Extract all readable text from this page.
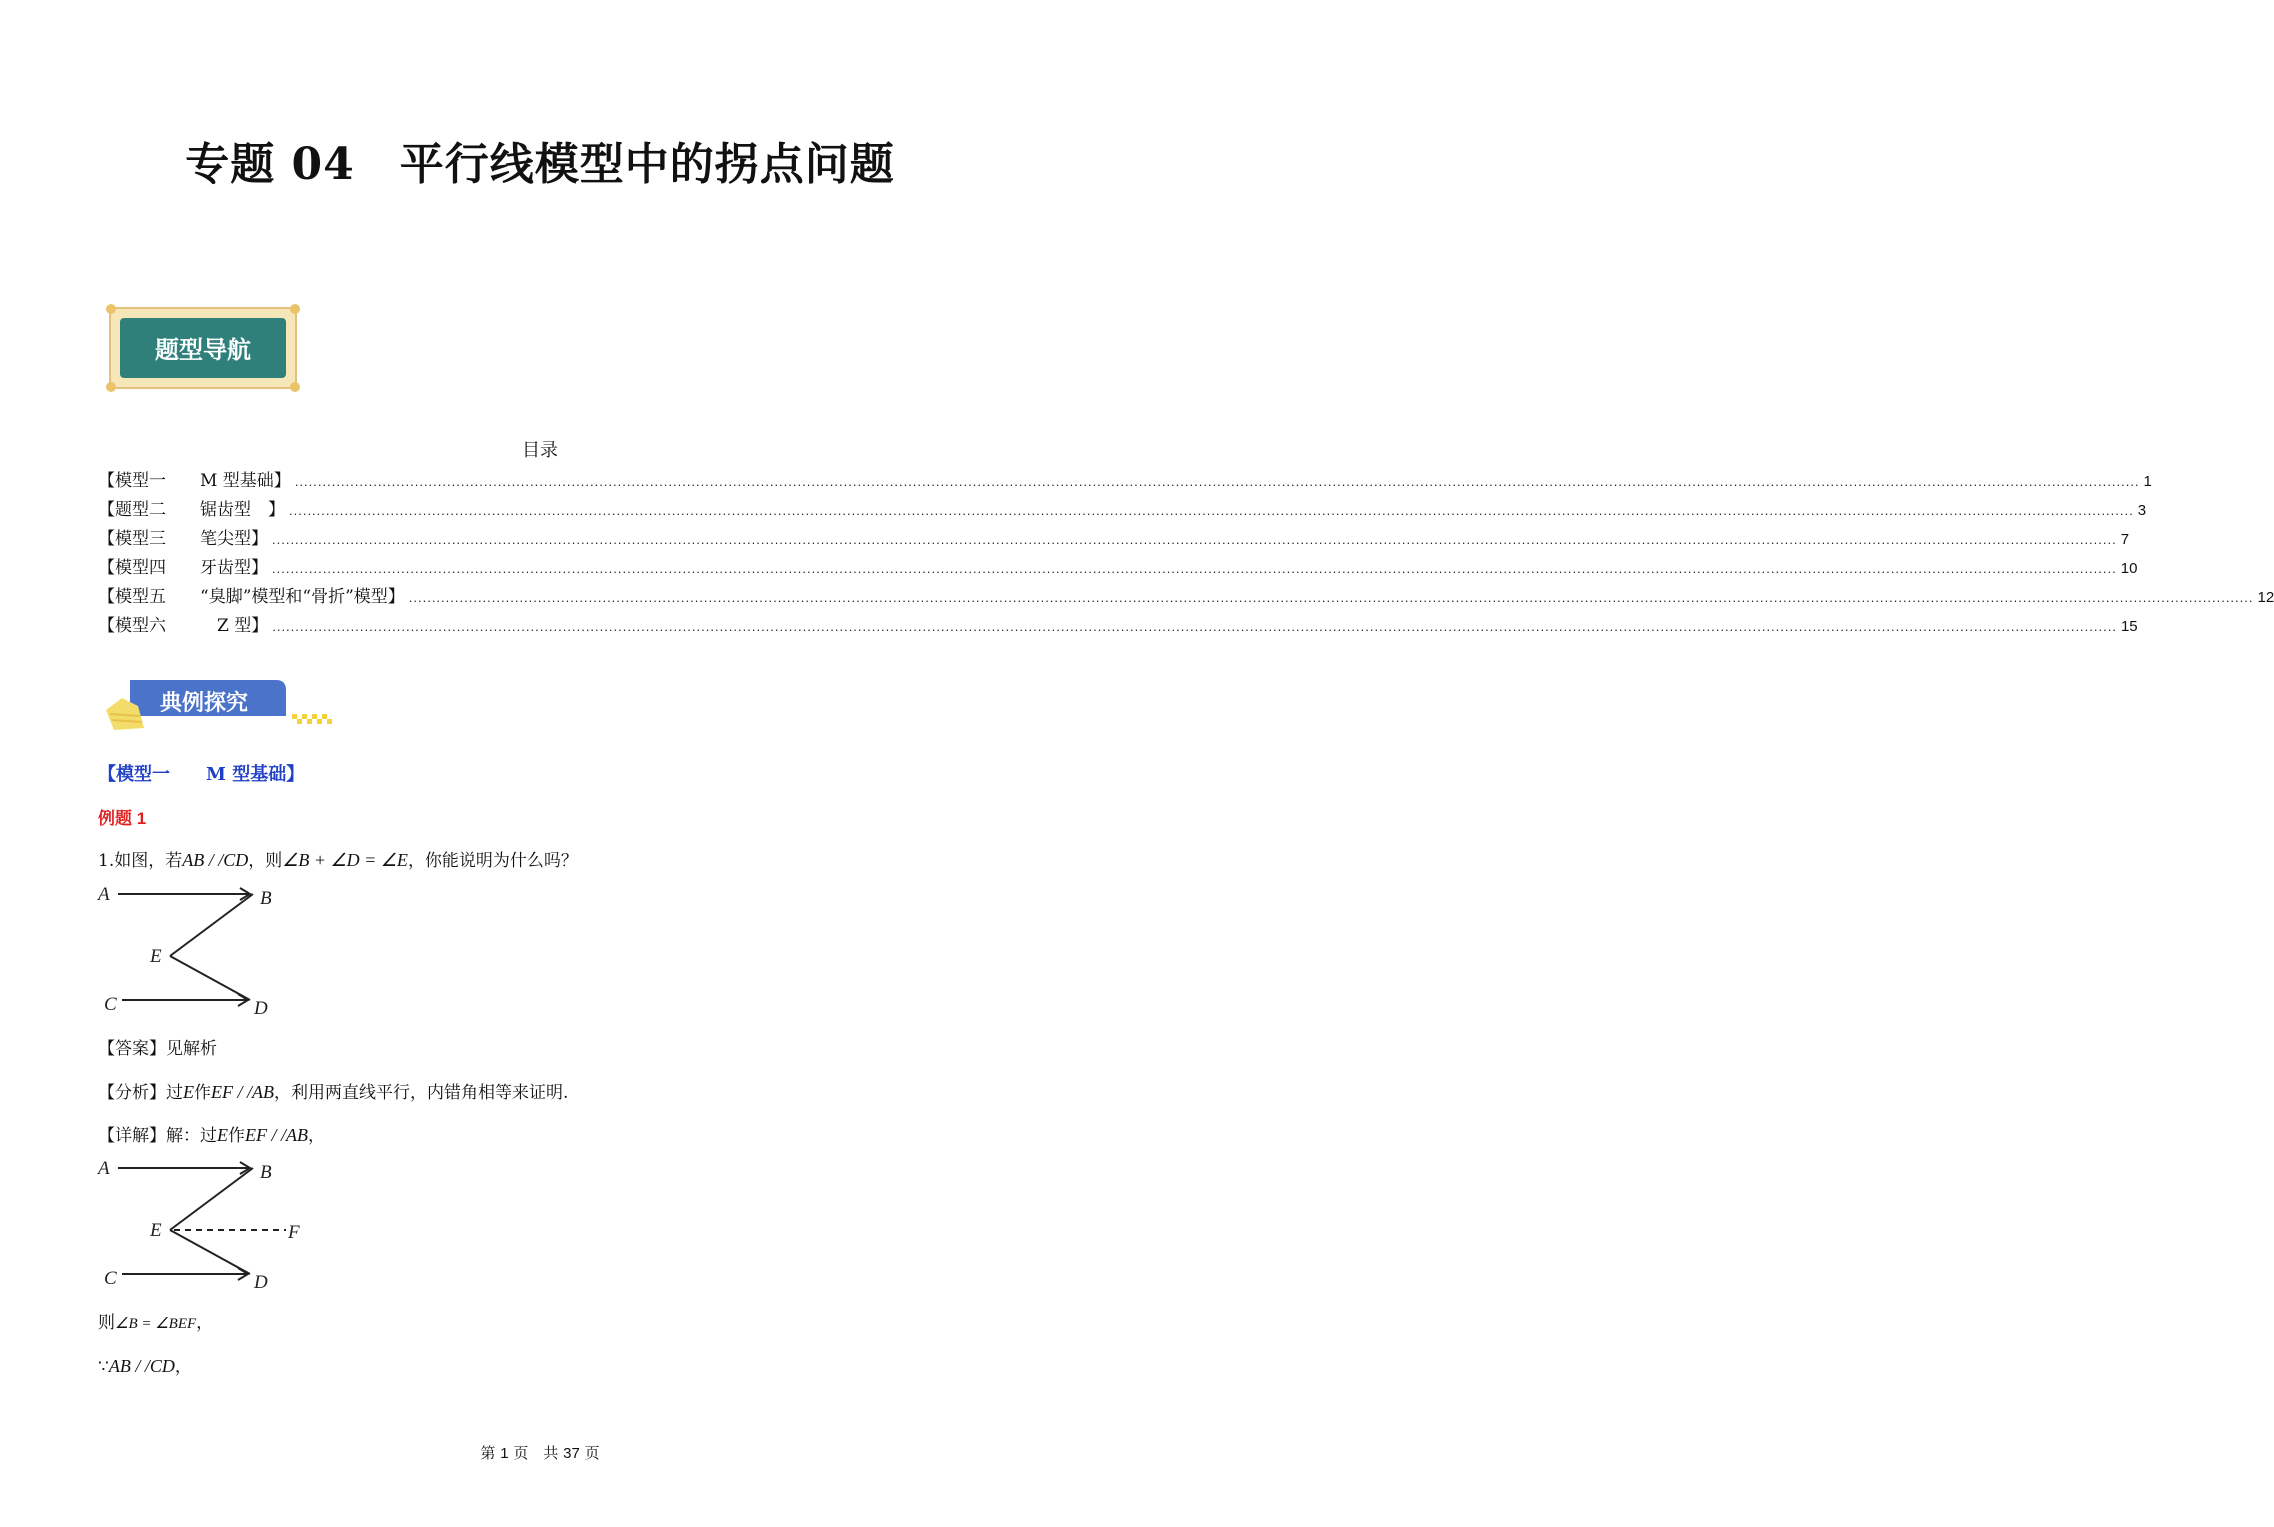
专题 04　平行线模型中的拐点问题
题型导航
目录
【模型一　　M 型基础】 ................................................................................................................................................................................................................................................................................................................................................................................................................ 1
【题型二　　锯齿型　】 ................................................................................................................................................................................................................................................................................................................................................................................................................ 3
【模型三　　笔尖型】 ................................................................................................................................................................................................................................................................................................................................................................................................................ 7
【模型四　　牙齿型】 ................................................................................................................................................................................................................................................................................................................................................................................................................ 10
【模型五　　“臭脚”模型和“骨折”模型】 ................................................................................................................................................................................................................................................................................................................................................................................................................ 12
【模型六　　　Z 型】 ................................................................................................................................................................................................................................................................................................................................................................................................................ 15
典例探究
【模型一　　M 型基础】
例题 1
1.如图，若AB / /CD，则∠B + ∠D = ∠E，你能说明为什么吗？
A	B
E
C	D
【答案】见解析
【分析】过E作EF / /AB，利用两直线平行，内错角相等来证明.
【详解】解：过E作EF / /AB，
A	B
E	F
C	D
则∠B = ∠BEF，
∵AB / /CD，
第 1 页　共 37 页
